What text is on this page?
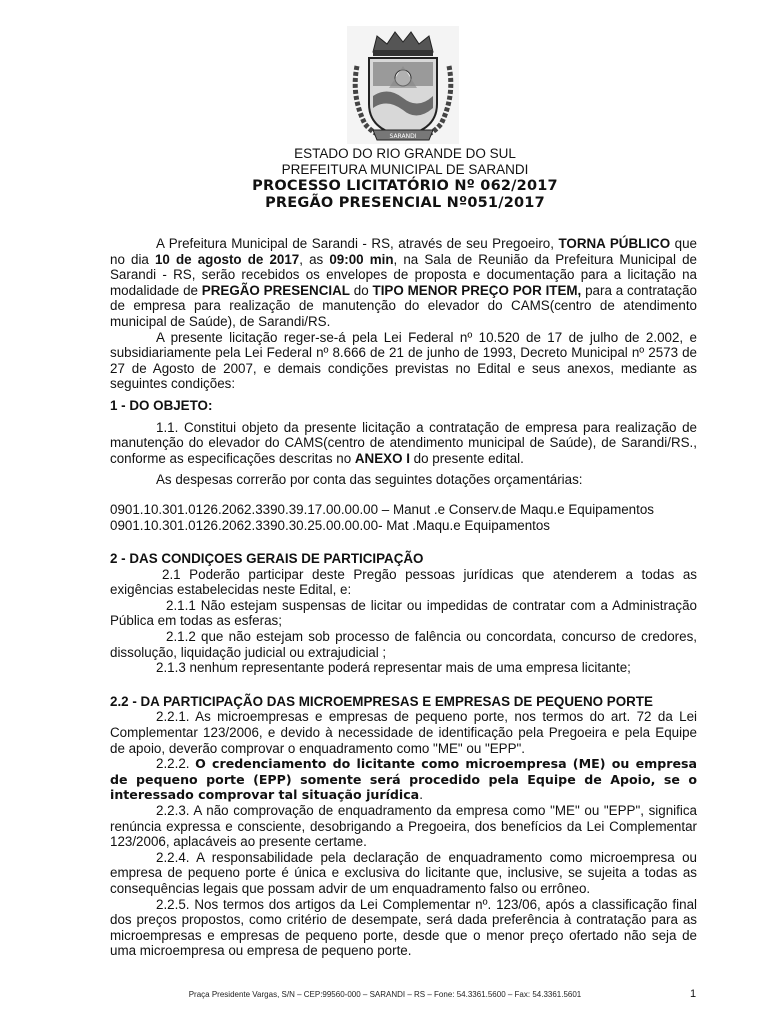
SARANDI
ESTADO DO RIO GRANDE DO SUL
PREFEITURA MUNICIPAL DE SARANDI
PROCESSO LICITATÓRIO Nº 062/2017
PREGÃO PRESENCIAL Nº051/2017

A Prefeitura Municipal de Sarandi - RS, através de seu Pregoeiro, TORNA PÚBLICO que no dia 10 de agosto de 2017, as 09:00 min, na Sala de Reunião da Prefeitura Municipal de Sarandi - RS, serão recebidos os envelopes de proposta e documentação para a licitação na modalidade de PREGÃO PRESENCIAL do TIPO MENOR PREÇO POR ITEM, para a contratação de empresa para realização de manutenção do elevador do CAMS(centro de atendimento municipal de Saúde), de Sarandi/RS.

A presente licitação reger-se-á pela Lei Federal nº 10.520 de 17 de julho de 2.002, e subsidiariamente pela Lei Federal nº 8.666 de 21 de junho de 1993, Decreto Municipal nº 2573 de 27 de Agosto de 2007, e demais condições previstas no Edital e seus anexos, mediante as seguintes condições:

1 - DO OBJETO:

1.1. Constitui objeto da presente licitação a contratação de empresa para realização de manutenção do elevador do CAMS(centro de atendimento municipal de Saúde), de Sarandi/RS., conforme as especificações descritas no ANEXO I do presente edital.

As despesas correrão por conta das seguintes dotações orçamentárias:

0901.10.301.0126.2062.3390.39.17.00.00.00 – Manut .e Conserv.de Maqu.e Equipamentos

0901.10.301.0126.2062.3390.30.25.00.00.00- Mat .Maqu.e Equipamentos

2 - DAS CONDIÇOES GERAIS DE PARTICIPAÇÃO

2.1 Poderão participar deste Pregão pessoas jurídicas que atenderem a todas as exigências estabelecidas neste Edital, e:

2.1.1 Não estejam suspensas de licitar ou impedidas de contratar com a Administração Pública em todas as esferas;

2.1.2 que não estejam sob processo de falência ou concordata, concurso de credores, dissolução, liquidação judicial ou extrajudicial ;

2.1.3 nenhum representante poderá representar mais de uma empresa licitante;

2.2 - DA PARTICIPAÇÃO DAS MICROEMPRESAS E EMPRESAS DE PEQUENO PORTE

2.2.1. As microempresas e empresas de pequeno porte, nos termos do art. 72 da Lei Complementar 123/2006, e devido à necessidade de identificação pela Pregoeira e pela Equipe de apoio, deverão comprovar o enquadramento como "ME" ou "EPP".

2.2.2. O credenciamento do licitante como microempresa (ME) ou empresa de pequeno porte (EPP) somente será procedido pela Equipe de Apoio, se o interessado comprovar tal situação jurídica.

2.2.3. A não comprovação de enquadramento da empresa como "ME" ou "EPP", significa renúncia expressa e consciente, desobrigando a Pregoeira, dos benefícios da Lei Complementar 123/2006, aplacáveis ao presente certame.

2.2.4. A responsabilidade pela declaração de enquadramento como microempresa ou empresa de pequeno porte é única e exclusiva do licitante que, inclusive, se sujeita a todas as consequências legais que possam advir de um enquadramento falso ou errôneo.

2.2.5. Nos termos dos artigos da Lei Complementar nº. 123/06, após a classificação final dos preços propostos, como critério de desempate, será dada preferência à contratação para as microempresas e empresas de pequeno porte, desde que o menor preço ofertado não seja de uma microempresa ou empresa de pequeno porte.

Praça Presidente Vargas, S/N – CEP:99560-000 – SARANDI – RS – Fone: 54.3361.5600 – Fax: 54.3361.5601	1
